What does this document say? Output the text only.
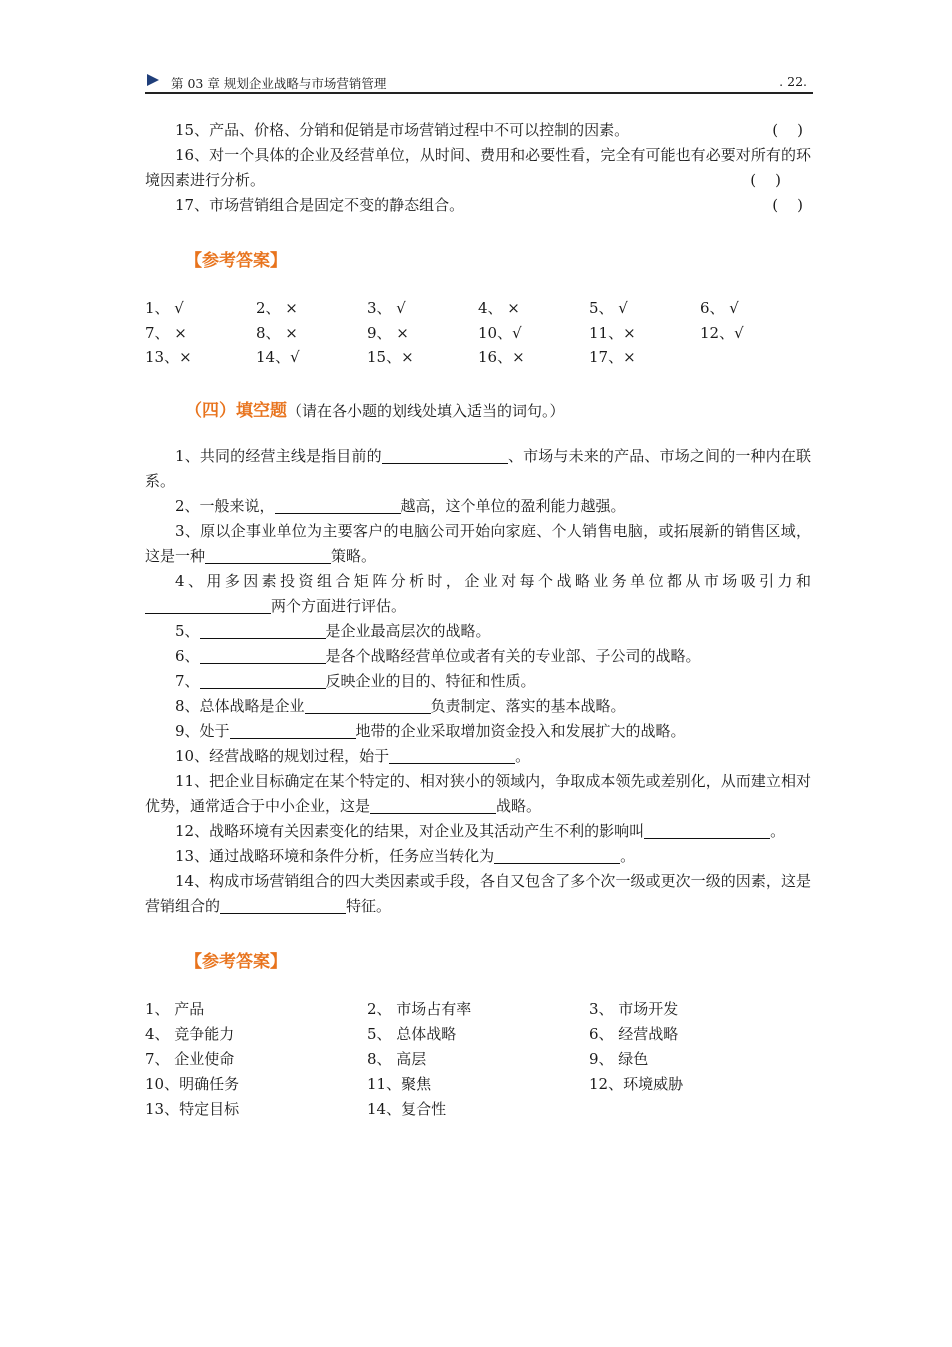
第 03 章 规划企业战略与市场营销管理	. 22.

15、产品、价格、分销和促销是市场营销过程中不可以控制的因素。	(    )

16、对一个具体的企业及经营单位，从时间、费用和必要性看，完全有可能也有必要对所有的环境因素进行分析。	(    )

17、市场营销组合是固定不变的静态组合。	(    )

【参考答案】

1、 √	2、 ×	3、 √	4、 ×	5、 √	6、 √
7、 ×	8、 ×	9、 ×	10、√	11、×	12、√
13、×	14、√	15、×	16、×	17、×

（四）填空题（请在各小题的划线处填入适当的词句。）

1、共同的经营主线是指目前的	、市场与未来的产品、市场之间的一种内在联系。

2、一般来说，	越高，这个单位的盈利能力越强。

3、原以企事业单位为主要客户的电脑公司开始向家庭、个人销售电脑，或拓展新的销售区域，这是一种	策略。

4、用多因素投资组合矩阵分析时，企业对每个战略业务单位都从市场吸引力和两个方面进行评估。

5、	是企业最高层次的战略。

6、	是各个战略经营单位或者有关的专业部、子公司的战略。

7、	反映企业的目的、特征和性质。

8、总体战略是企业	负责制定、落实的基本战略。

9、处于	地带的企业采取增加资金投入和发展扩大的战略。

10、经营战略的规划过程，始于	。

11、把企业目标确定在某个特定的、相对狭小的领域内，争取成本领先或差别化，从而建立相对优势，通常适合于中小企业，这是	战略。

12、战略环境有关因素变化的结果，对企业及其活动产生不利的影响叫	。

13、通过战略环境和条件分析，任务应当转化为	。

14、构成市场营销组合的四大类因素或手段，各自又包含了多个次一级或更次一级的因素，这是营销组合的	特征。

【参考答案】

1、 产品	2、 市场占有率	3、 市场开发
4、 竞争能力	5、 总体战略	6、 经营战略
7、 企业使命	8、 高层	9、 绿色
10、明确任务	11、聚焦	12、环境威胁
13、特定目标	14、复合性
